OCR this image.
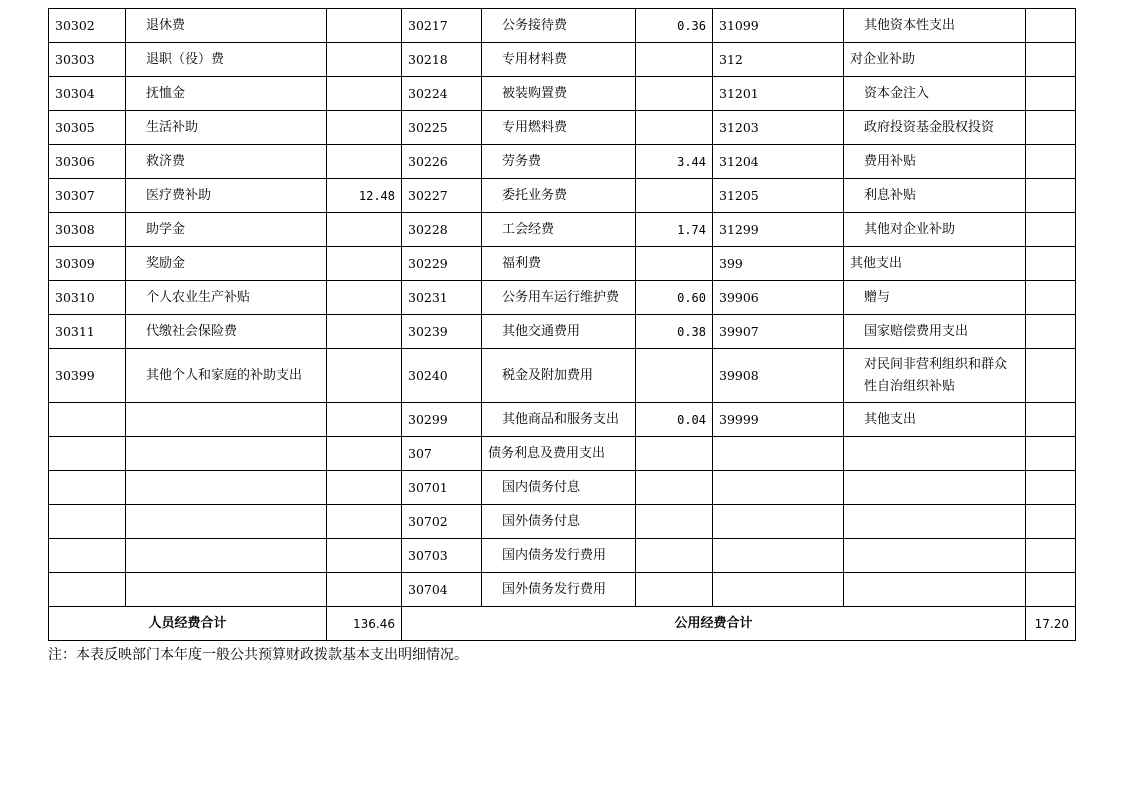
30302	退休费		30217	公务接待费	0.36	31099	其他资本性支出	
30303	退职（役）费		30218	专用材料费		312	对企业补助	
30304	抚恤金		30224	被装购置费		31201	资本金注入	
30305	生活补助		30225	专用燃料费		31203	政府投资基金股权投资	
30306	救济费		30226	劳务费	3.44	31204	费用补贴	
30307	医疗费补助	12.48	30227	委托业务费		31205	利息补贴	
30308	助学金		30228	工会经费	1.74	31299	其他对企业补助	
30309	奖励金		30229	福利费		399	其他支出	
30310	个人农业生产补贴		30231	公务用车运行维护费	0.60	39906	赠与	
30311	代缴社会保险费		30239	其他交通费用	0.38	39907	国家赔偿费用支出	
30399	其他个人和家庭的补助支出		30240	税金及附加费用		39908	对民间非营利组织和群众性自治组织补贴	
			30299	其他商品和服务支出	0.04	39999	其他支出	
			307	债务利息及费用支出				
			30701	国内债务付息				
			30702	国外债务付息				
			30703	国内债务发行费用				
			30704	国外债务发行费用				
人员经费合计		136.46	公用经费合计					17.20
注：本表反映部门本年度一般公共预算财政拨款基本支出明细情况。
